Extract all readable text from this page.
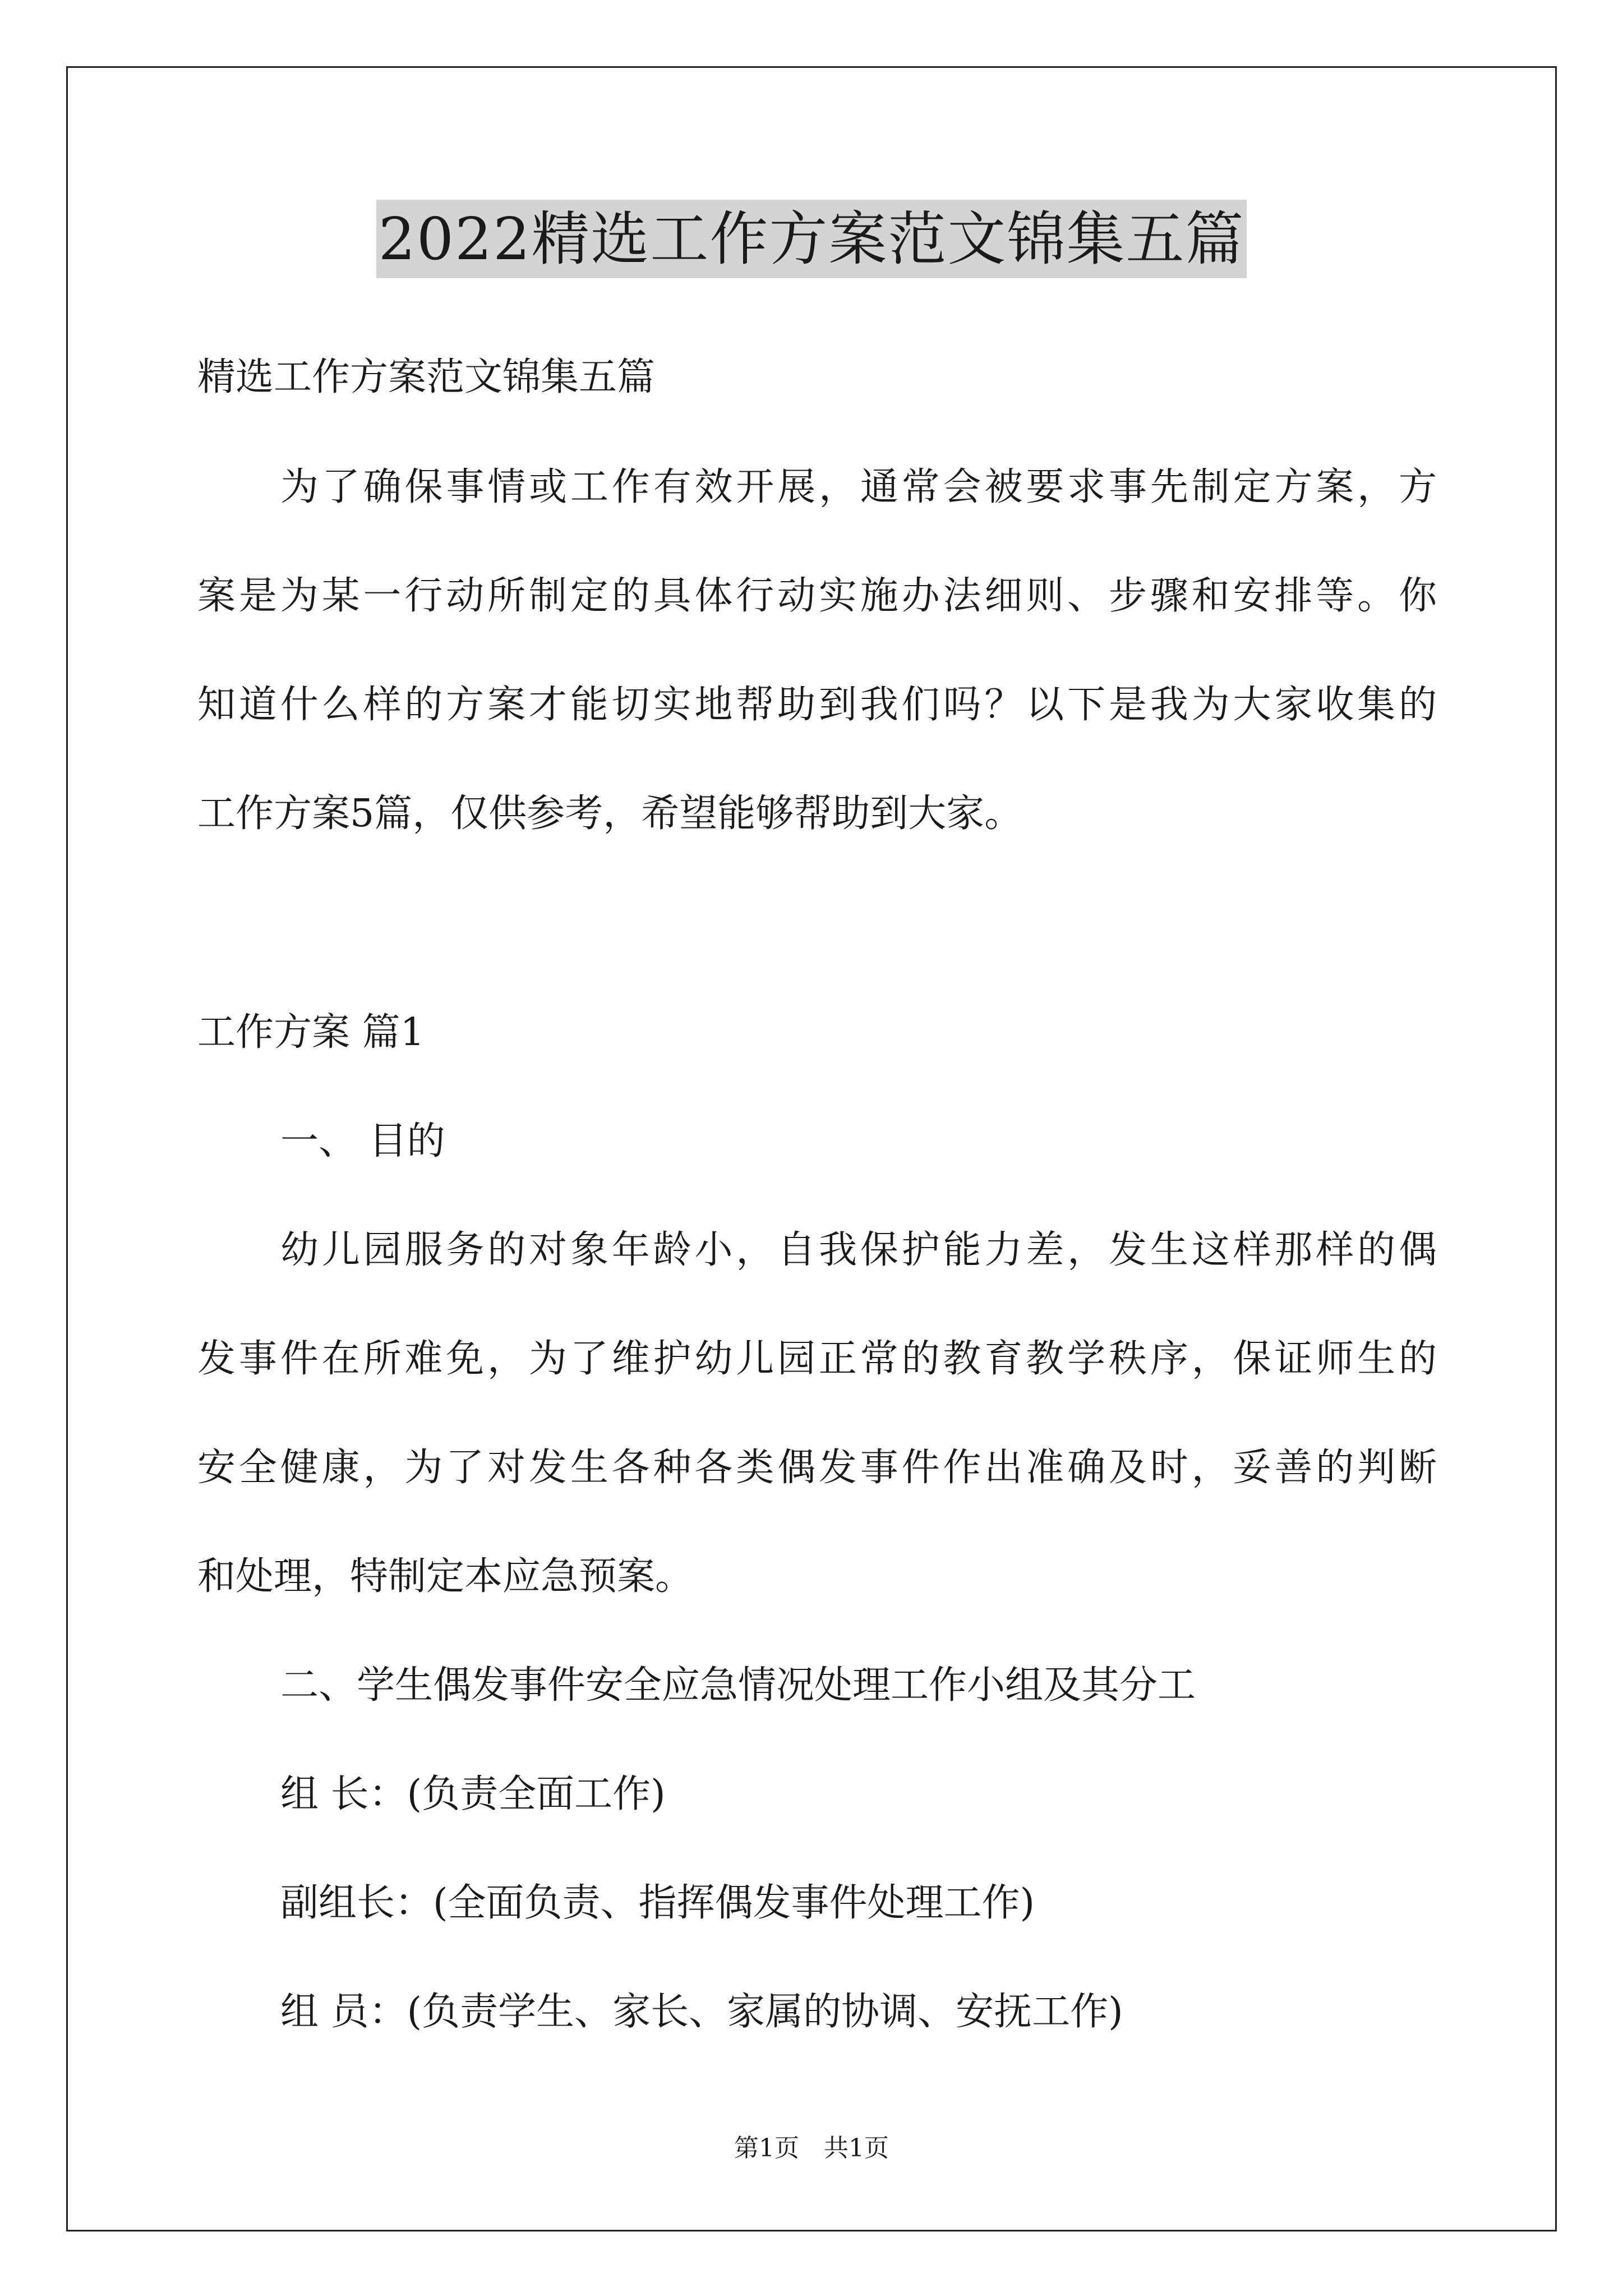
2022精选工作方案范文锦集五篇
精选工作方案范文锦集五篇
为了确保事情或工作有效开展，通常会被要求事先制定方案，方
案是为某一行动所制定的具体行动实施办法细则、步骤和安排等。你
知道什么样的方案才能切实地帮助到我们吗？以下是我为大家收集的
工作方案5篇，仅供参考，希望能够帮助到大家。
工作方案 篇1
一、 目的
幼儿园服务的对象年龄小，自我保护能力差，发生这样那样的偶
发事件在所难免，为了维护幼儿园正常的教育教学秩序，保证师生的
安全健康，为了对发生各种各类偶发事件作出准确及时，妥善的判断
和处理，特制定本应急预案。
二、学生偶发事件安全应急情况处理工作小组及其分工
组 长：(负责全面工作)
副组长：(全面负责、指挥偶发事件处理工作)
组 员：(负责学生、家长、家属的协调、安抚工作)
第1页　共1页
